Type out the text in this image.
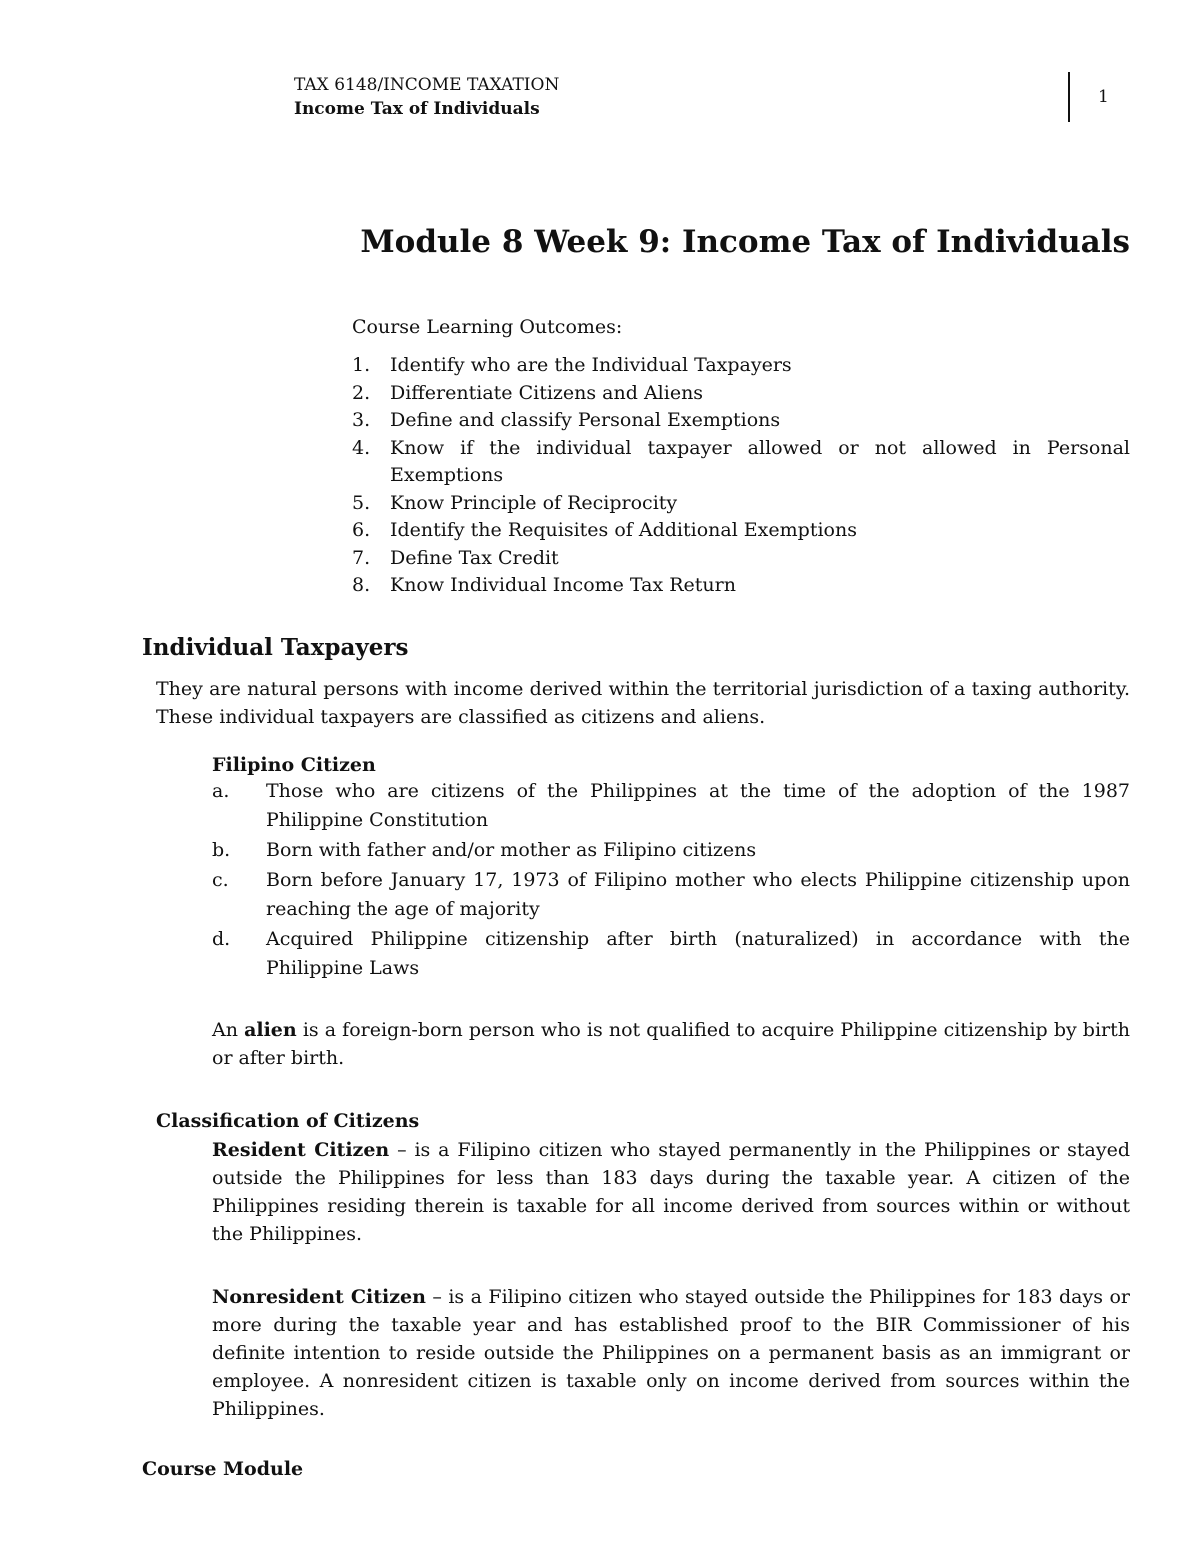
TAX 6148/INCOME TAXATION
Income Tax of Individuals
1
Module 8 Week 9: Income Tax of Individuals
Course Learning Outcomes:
1.	Identify who are the Individual Taxpayers
2.	Differentiate Citizens and Aliens
3.	Define and classify Personal Exemptions
4.	Know if the individual taxpayer allowed or not allowed in Personal Exemptions
5.	Know Principle of Reciprocity
6.	Identify the Requisites of Additional Exemptions
7.	Define Tax Credit
8.	Know Individual Income Tax Return
Individual Taxpayers
They are natural persons with income derived within the territorial jurisdiction of a taxing authority. These individual taxpayers are classified as citizens and aliens.
Filipino Citizen
a.	Those who are citizens of the Philippines at the time of the adoption of the 1987 Philippine Constitution
b.	Born with father and/or mother as Filipino citizens
c.	Born before January 17, 1973 of Filipino mother who elects Philippine citizenship upon reaching the age of majority
d.	Acquired Philippine citizenship after birth (naturalized) in accordance with the Philippine Laws
An alien is a foreign-born person who is not qualified to acquire Philippine citizenship by birth or after birth.
Classification of Citizens
Resident Citizen – is a Filipino citizen who stayed permanently in the Philippines or stayed outside the Philippines for less than 183 days during the taxable year. A citizen of the Philippines residing therein is taxable for all income derived from sources within or without the Philippines.
Nonresident Citizen – is a Filipino citizen who stayed outside the Philippines for 183 days or more during the taxable year and has established proof to the BIR Commissioner of his definite intention to reside outside the Philippines on a permanent basis as an immigrant or employee. A nonresident citizen is taxable only on income derived from sources within the Philippines.
Course Module
